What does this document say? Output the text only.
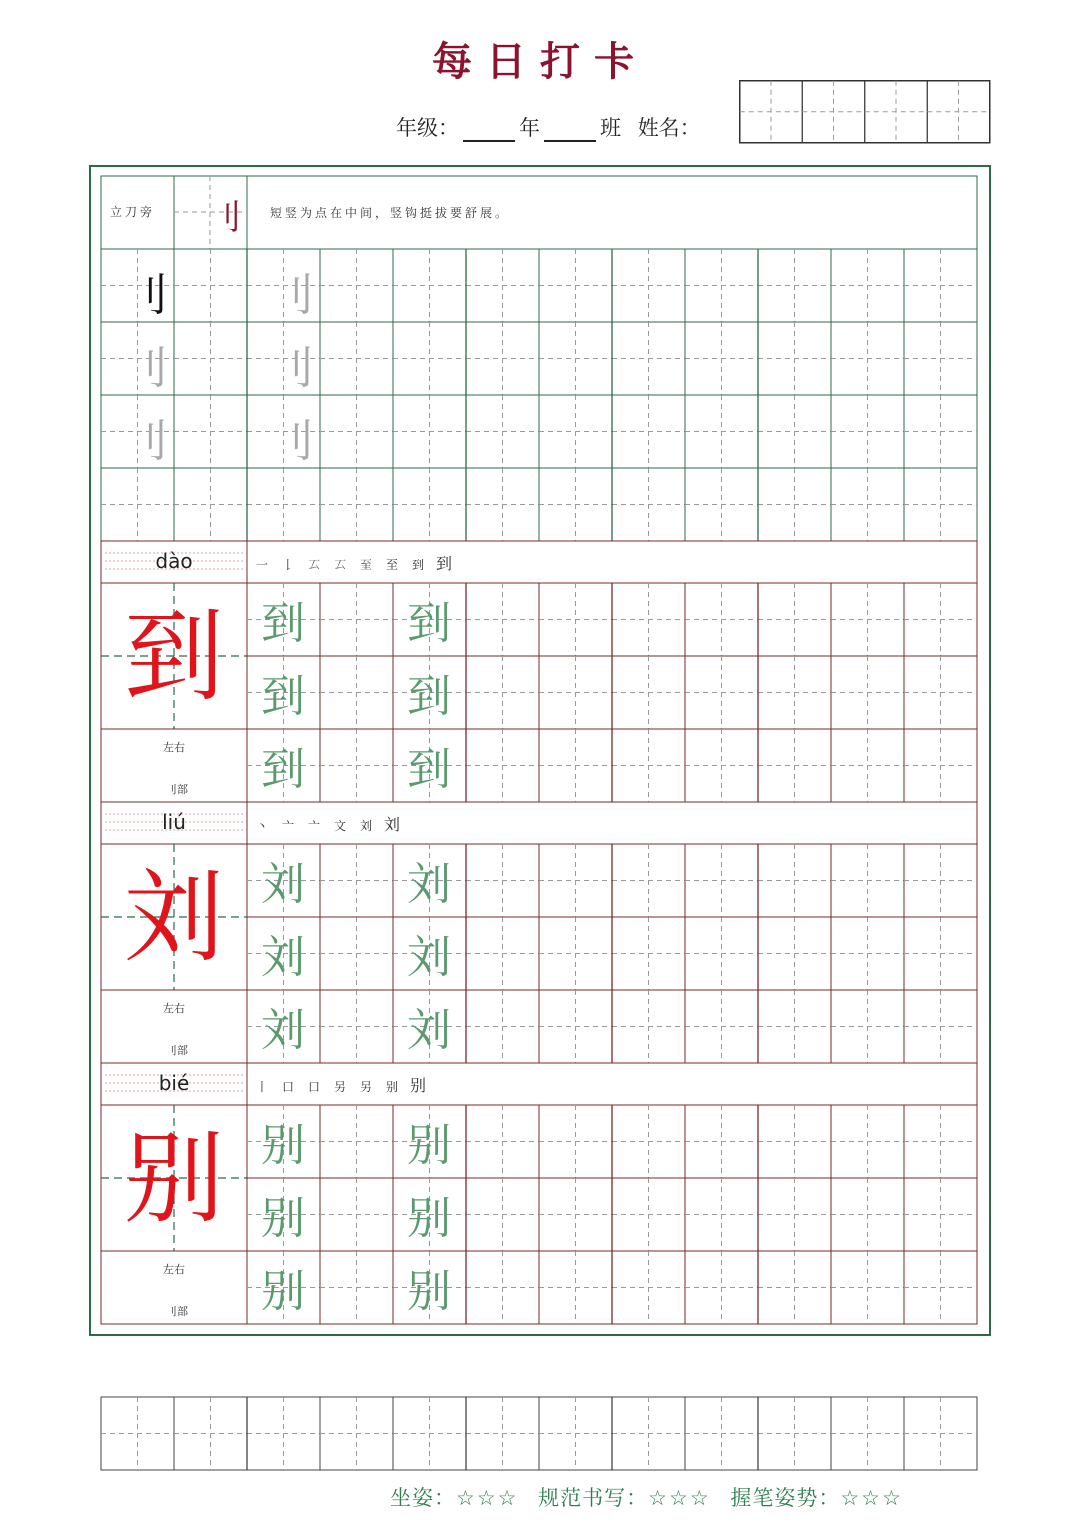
每日打卡
年级：	年	班 姓名：
刂 刂
刂 刂
刂 刂
dào	一 𠄌 𠫔 𠫔 𦤳 至 到 到
到
左右
刂部
到 到
到 到
到 到
liú	丶 亠 亠 文 刘 刘
刘
左右
刂部
刘 刘
刘 刘
刘 刘
bié	丨 口 口 另 另 别 别
别
左右
刂部
别 别
别 别
别 别
立刀旁 刂 短竖为点在中间，竖钩挺拔要舒展。
坐姿：☆☆☆ 规范书写：☆☆☆ 握笔姿势：☆☆☆
